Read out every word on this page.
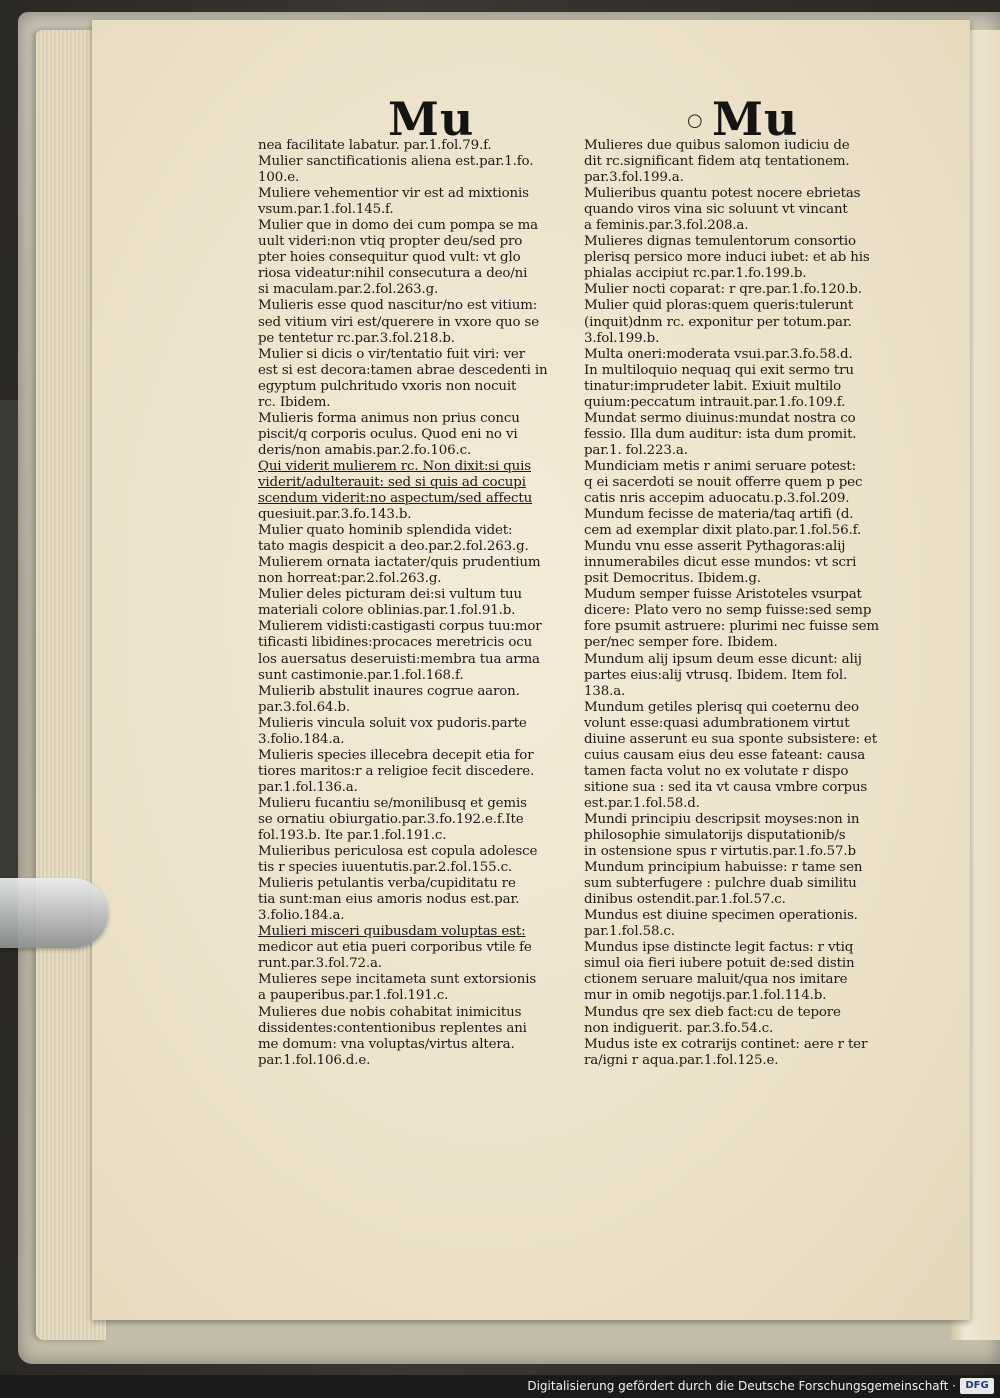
Mu	○ Mu
nea facilitate labatur. par.1.fol.79.f.
Mulier sanctificationis aliena est.par.1.fo.
100.e.
Muliere vehementior vir est ad mixtionis
vsum.par.1.fol.145.f.
Mulier que in domo dei cum pompa se ma
uult videri:non vtiq propter deu/sed pro
pter hoies consequitur quod vult: vt glo
riosa videatur:nihil consecutura a deo/ni
si maculam.par.2.fol.263.g.
Mulieris esse quod nascitur/no est vitium:
sed vitium viri est/querere in vxore quo se
pe tentetur rc.par.3.fol.218.b.
Mulier si dicis o vir/tentatio fuit viri: ver
est si est decora:tamen abrae descedenti in
egyptum pulchritudo vxoris non nocuit
rc. Ibidem.
Mulieris forma animus non prius concu
piscit/q corporis oculus. Quod eni no vi
deris/non amabis.par.2.fo.106.c.
Qui viderit mulierem rc. Non dixit:si quis
viderit/adulterauit: sed si quis ad cocupi
scendum viderit:no aspectum/sed affectu
quesiuit.par.3.fo.143.b.
Mulier quato hominib splendida videt:
tato magis despicit a deo.par.2.fol.263.g.
Mulierem ornata iactater/quis prudentium
non horreat:par.2.fol.263.g.
Mulier deles picturam dei:si vultum tuu
materiali colore oblinias.par.1.fol.91.b.
Mulierem vidisti:castigasti corpus tuu:mor
tificasti libidines:procaces meretricis ocu
los auersatus deseruisti:membra tua arma
sunt castimonie.par.1.fol.168.f.
Mulierib abstulit inaures cogrue aaron.
par.3.fol.64.b.
Mulieris vincula soluit vox pudoris.parte
3.folio.184.a.
Mulieris species illecebra decepit etia for
tiores maritos:r a religioe fecit discedere.
par.1.fol.136.a.
Mulieru fucantiu se/monilibusq et gemis
se ornatiu obiurgatio.par.3.fo.192.e.f.Ite
fol.193.b. Ite par.1.fol.191.c.
Mulieribus periculosa est copula adolesce
tis r species iuuentutis.par.2.fol.155.c.
Mulieris petulantis verba/cupiditatu re
tia sunt:man eius amoris nodus est.par.
3.folio.184.a.
Mulieri misceri quibusdam voluptas est:
medicor aut etia pueri corporibus vtile fe
runt.par.3.fol.72.a.
Mulieres sepe incitameta sunt extorsionis
a pauperibus.par.1.fol.191.c.
Mulieres due nobis cohabitat inimicitus
dissidentes:contentionibus replentes ani
me domum: vna voluptas/virtus altera.
par.1.fol.106.d.e.
Mulieres due quibus salomon iudiciu de
dit rc.significant fidem atq tentationem.
par.3.fol.199.a.
Mulieribus quantu potest nocere ebrietas
quando viros vina sic soluunt vt vincant
a feminis.par.3.fol.208.a.
Mulieres dignas temulentorum consortio
plerisq persico more induci iubet: et ab his
phialas accipiut rc.par.1.fo.199.b.
Mulier nocti coparat: r qre.par.1.fo.120.b.
Mulier quid ploras:quem queris:tulerunt
(inquit)dnm rc. exponitur per totum.par.
3.fol.199.b.
Multa oneri:moderata vsui.par.3.fo.58.d.
In multiloquio nequaq qui exit sermo tru
tinatur:imprudeter labit. Exiuit multilo
quium:peccatum intrauit.par.1.fo.109.f.
Mundat sermo diuinus:mundat nostra co
fessio. Illa dum auditur: ista dum promit.
par.1. fol.223.a.
Mundiciam metis r animi seruare potest:
q ei sacerdoti se nouit offerre quem p pec
catis nris accepim aduocatu.p.3.fol.209.
Mundum fecisse de materia/taq artifi (d.
cem ad exemplar dixit plato.par.1.fol.56.f.
Mundu vnu esse asserit Pythagoras:alij
innumerabiles dicut esse mundos: vt scri
psit Democritus. Ibidem.g.
Mudum semper fuisse Aristoteles vsurpat
dicere: Plato vero no semp fuisse:sed semp
fore psumit astruere: plurimi nec fuisse sem
per/nec semper fore. Ibidem.
Mundum alij ipsum deum esse dicunt: alij
partes eius:alij vtrusq. Ibidem. Item fol.
138.a.
Mundum getiles plerisq qui coeternu deo
volunt esse:quasi adumbrationem virtut
diuine asserunt eu sua sponte subsistere: et
cuius causam eius deu esse fateant: causa
tamen facta volut no ex volutate r dispo
sitione sua : sed ita vt causa vmbre corpus
est.par.1.fol.58.d.
Mundi principiu descripsit moyses:non in
philosophie simulatorijs disputationib/s
in ostensione spus r virtutis.par.1.fo.57.b
Mundum principium habuisse: r tame sen
sum subterfugere : pulchre duab similitu
dinibus ostendit.par.1.fol.57.c.
Mundus est diuine specimen operationis.
par.1.fol.58.c.
Mundus ipse distincte legit factus: r vtiq
simul oia fieri iubere potuit de:sed distin
ctionem seruare maluit/qua nos imitare
mur in omib negotijs.par.1.fol.114.b.
Mundus qre sex dieb fact:cu de tepore
non indiguerit. par.3.fo.54.c.
Mudus iste ex cotrarijs continet: aere r ter
ra/igni r aqua.par.1.fol.125.e.
Digitalisierung gefördert durch die Deutsche Forschungsgemeinschaft · DFG
